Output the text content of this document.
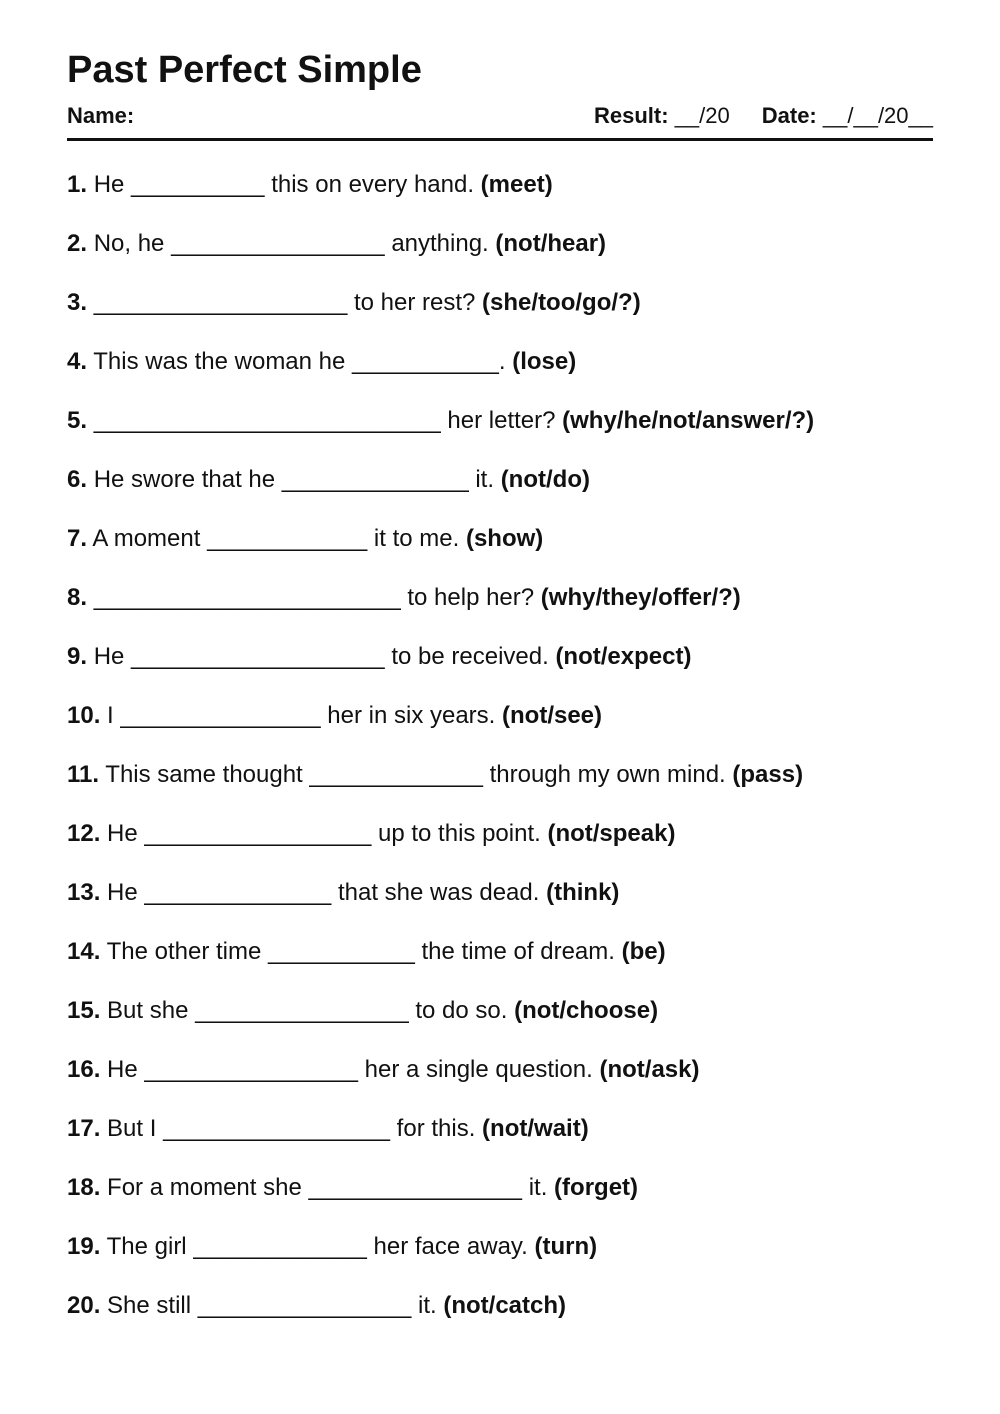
Past Perfect Simple
Name:	Result: __/20 Date: __/__/20__
1. He __________ this on every hand. (meet)
2. No, he ________________ anything. (not/hear)
3. ___________________ to her rest? (she/too/go/?)
4. This was the woman he ___________. (lose)
5. __________________________ her letter? (why/he/not/answer/?)
6. He swore that he ______________ it. (not/do)
7. A moment ____________ it to me. (show)
8. _______________________ to help her? (why/they/offer/?)
9. He ___________________ to be received. (not/expect)
10. I _______________ her in six years. (not/see)
11. This same thought _____________ through my own mind. (pass)
12. He _________________ up to this point. (not/speak)
13. He ______________ that she was dead. (think)
14. The other time ___________ the time of dream. (be)
15. But she ________________ to do so. (not/choose)
16. He ________________ her a single question. (not/ask)
17. But I _________________ for this. (not/wait)
18. For a moment she ________________ it. (forget)
19. The girl _____________ her face away. (turn)
20. She still ________________ it. (not/catch)
